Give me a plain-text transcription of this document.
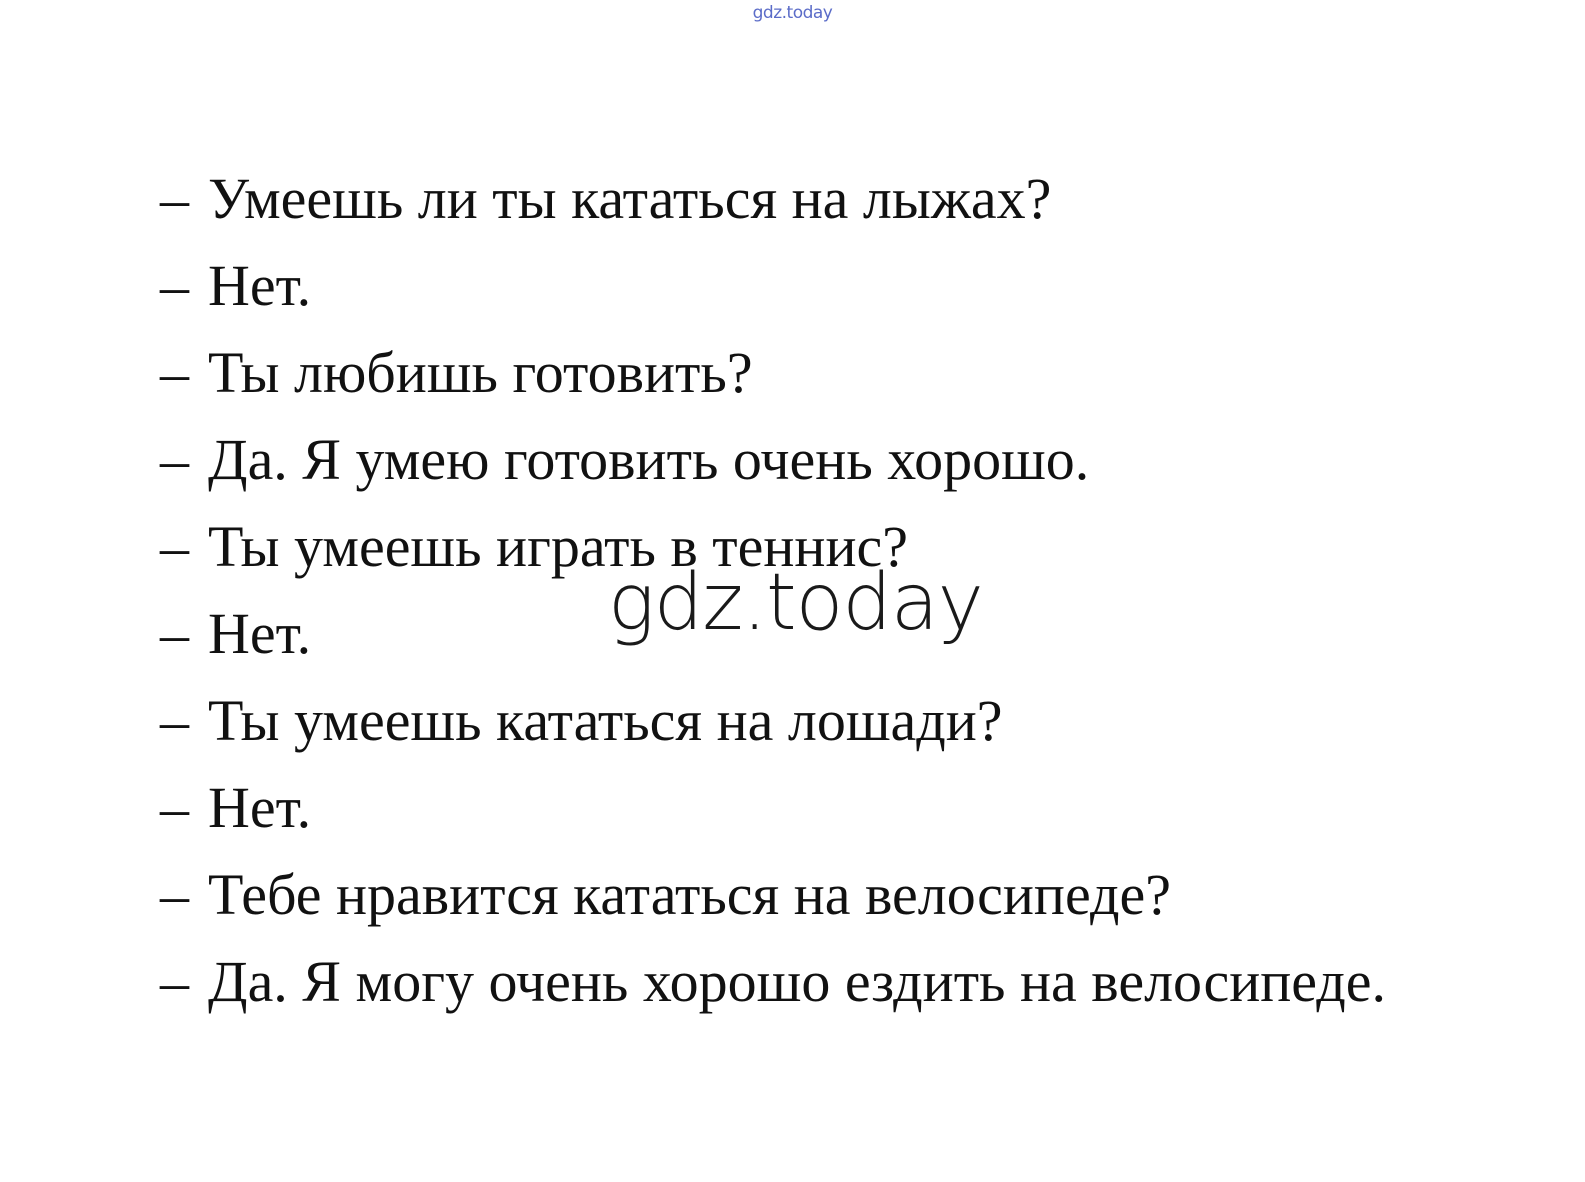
gdz.today
– Умеешь ли ты кататься на лыжах?
– Нет.
– Ты любишь готовить?
– Да. Я умею готовить очень хорошо.
– Ты умеешь играть в теннис?
– Нет.
– Ты умеешь кататься на лошади?
– Нет.
– Тебе нравится кататься на велосипеде?
– Да. Я могу очень хорошо ездить на велосипеде.
gdz.today
